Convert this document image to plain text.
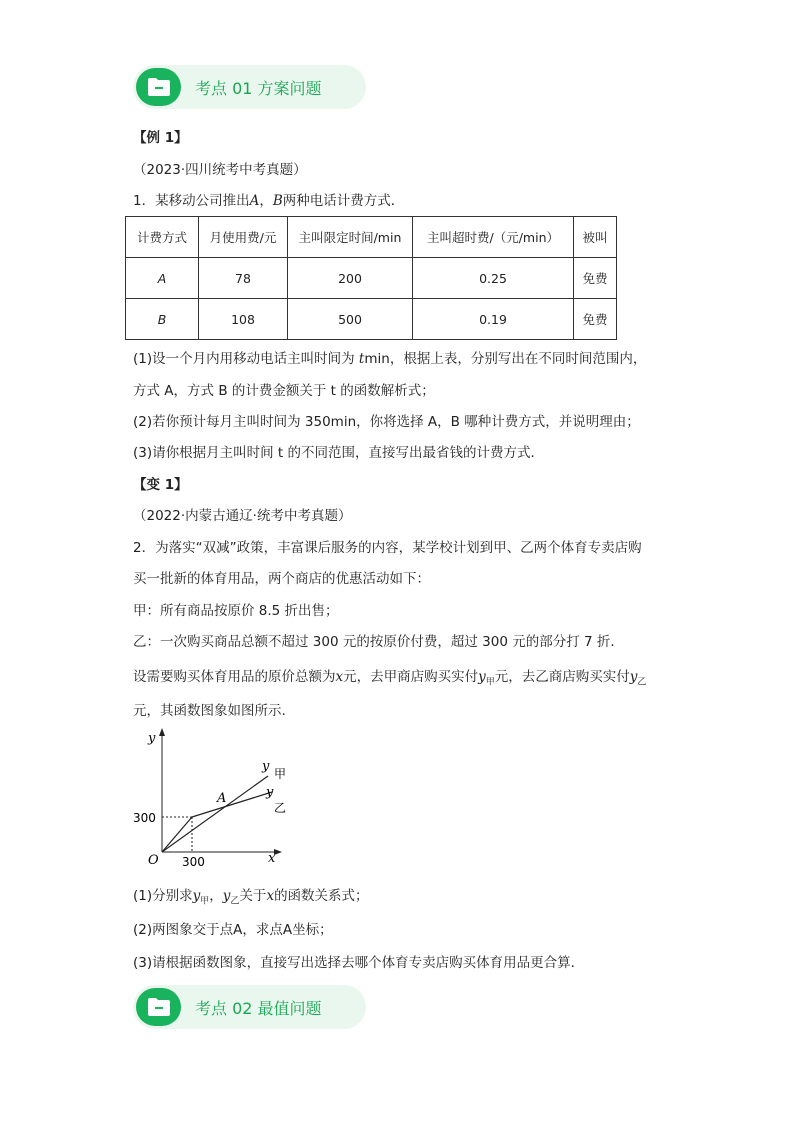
考点 01 方案问题
【例 1】
（2023·四川统考中考真题）
1．某移动公司推出A，B两种电话计费方式．
计费方式	月使用费/元	主叫限定时间/min	主叫超时费/（元/min）	被叫
A	78	200	0.25	免费
B	108	500	0.19	免费
(1)设一个月内用移动电话主叫时间为 tmin，根据上表，分别写出在不同时间范围内，
方式 A，方式 B 的计费金额关于 t 的函数解析式；
(2)若你预计每月主叫时间为 350min，你将选择 A，B 哪种计费方式，并说明理由；
(3)请你根据月主叫时间 t 的不同范围，直接写出最省钱的计费方式．
【变 1】
（2022·内蒙古通辽·统考中考真题）
2．为落实“双减”政策，丰富课后服务的内容，某学校计划到甲、乙两个体育专卖店购
买一批新的体育用品，两个商店的优惠活动如下：
甲：所有商品按原价 8.5 折出售；
乙：一次购买商品总额不超过 300 元的按原价付费，超过 300 元的部分打 7 折．
设需要购买体育用品的原价总额为x元，去甲商店购买实付$y_甲$元，去乙商店购买实付$y_乙$
元，其函数图象如图所示.
y
x
O
A
300
300
y 甲
y
乙
(1)分别求$y_甲$，$y_乙$关于x的函数关系式；
(2)两图象交于点A，求点A坐标；
(3)请根据函数图象，直接写出选择去哪个体育专卖店购买体育用品更合算．
考点 02 最值问题
